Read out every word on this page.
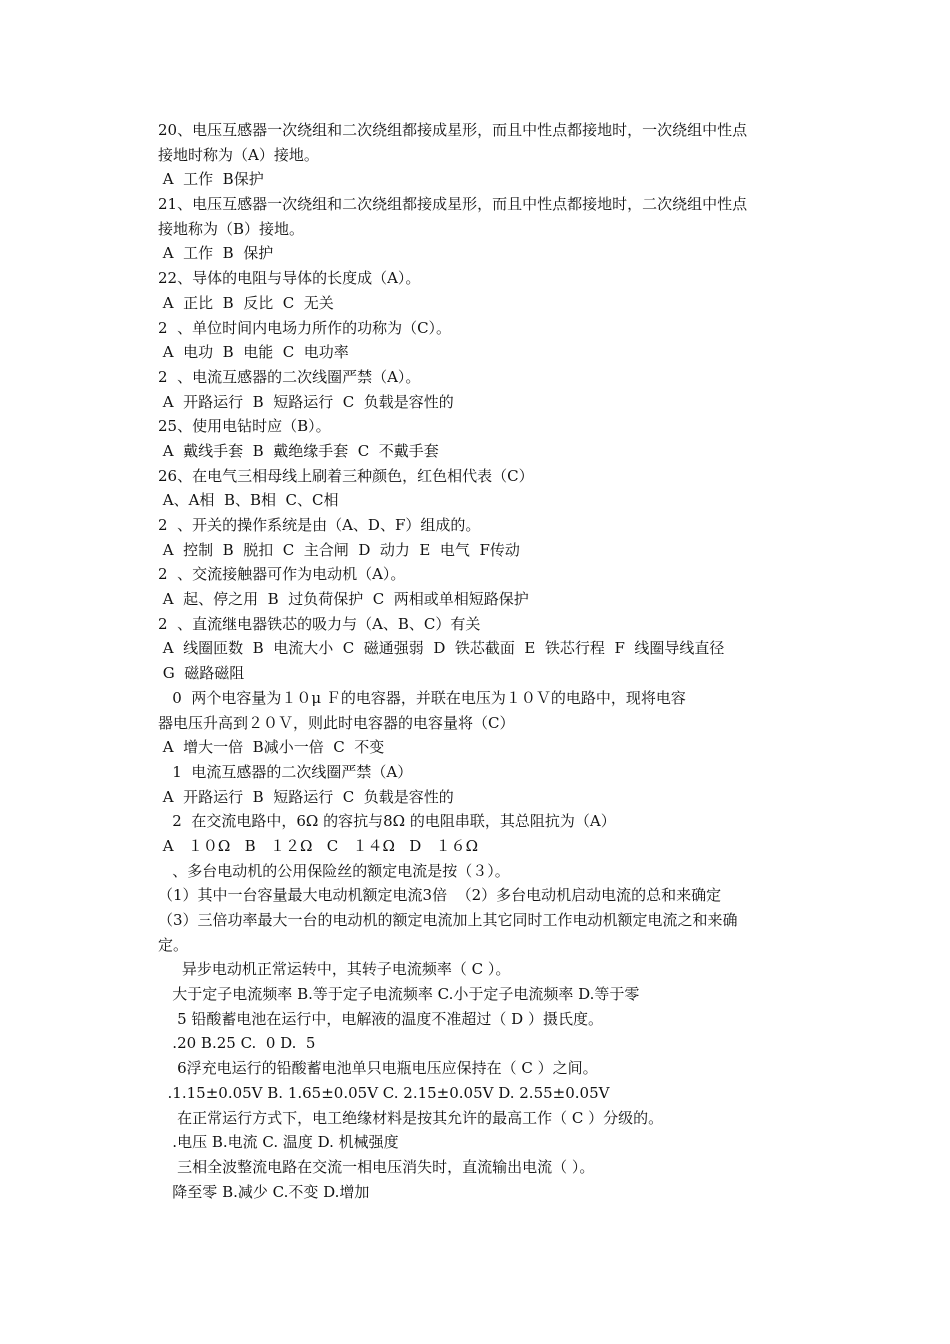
20、电压互感器一次绕组和二次绕组都接成星形，而且中性点都接地时，一次绕组中性点
接地时称为（A）接地。
A  工作  B保护
21、电压互感器一次绕组和二次绕组都接成星形，而且中性点都接地时，二次绕组中性点
接地称为（B）接地。
A  工作  B  保护
22、导体的电阻与导体的长度成（A）。
A  正比  B  反比  C  无关
2  、单位时间内电场力所作的功称为（C）。
A  电功  B  电能  C  电功率
2  、电流互感器的二次线圈严禁（A）。
A  开路运行  B  短路运行  C  负载是容性的
25、使用电钻时应（B）。
A  戴线手套  B  戴绝缘手套  C  不戴手套
26、在电气三相母线上刷着三种颜色，红色相代表（C）
A、A相  B、B相  C、C相
2  、开关的操作系统是由（A、D、F）组成的。
A  控制  B  脱扣  C  主合闸  D  动力  E  电气  F传动
2  、交流接触器可作为电动机（A）。
A  起、停之用  B  过负荷保护  C  两相或单相短路保护
2  、直流继电器铁芯的吸力与（A、B、C）有关
A  线圈匝数  B  电流大小  C  磁通强弱  D  铁芯截面  E  铁芯行程  F  线圈导线直径
G  磁路磁阻
0  两个电容量为１０μ Ｆ的电容器，并联在电压为１０Ｖ的电路中，现将电容
器电压升高到２０Ｖ，则此时电容器的电容量将（C）
A  增大一倍  B减小一倍  C  不变
1  电流互感器的二次线圈严禁（A）
A  开路运行  B  短路运行  C  负载是容性的
2  在交流电路中，6Ω 的容抗与8Ω 的电阻串联，其总阻抗为（A）
A   １０Ω   B   １２Ω   C   １４Ω   D   １６Ω
、多台电动机的公用保险丝的额定电流是按（３）。
（1）其中一台容量最大电动机额定电流3倍  （2）多台电动机启动电流的总和来确定
（3）三倍功率最大一台的电动机的额定电流加上其它同时工作电动机额定电流之和来确
定。
异步电动机正常运转中，其转子电流频率（ C ）。
大于定子电流频率 B.等于定子电流频率 C.小于定子电流频率 D.等于零
5 铅酸蓄电池在运行中，电解液的温度不准超过（ D ）摄氏度。
.20 B.25 C.  0 D.  5
6浮充电运行的铅酸蓄电池单只电瓶电压应保持在（ C ）之间。
.1.15±0.05V B. 1.65±0.05V C. 2.15±0.05V D. 2.55±0.05V
在正常运行方式下，电工绝缘材料是按其允许的最高工作（ C ）分级的。
.电压 B.电流 C. 温度 D. 机械强度
三相全波整流电路在交流一相电压消失时，直流输出电流（ ）。
降至零 B.减少 C.不变 D.增加
